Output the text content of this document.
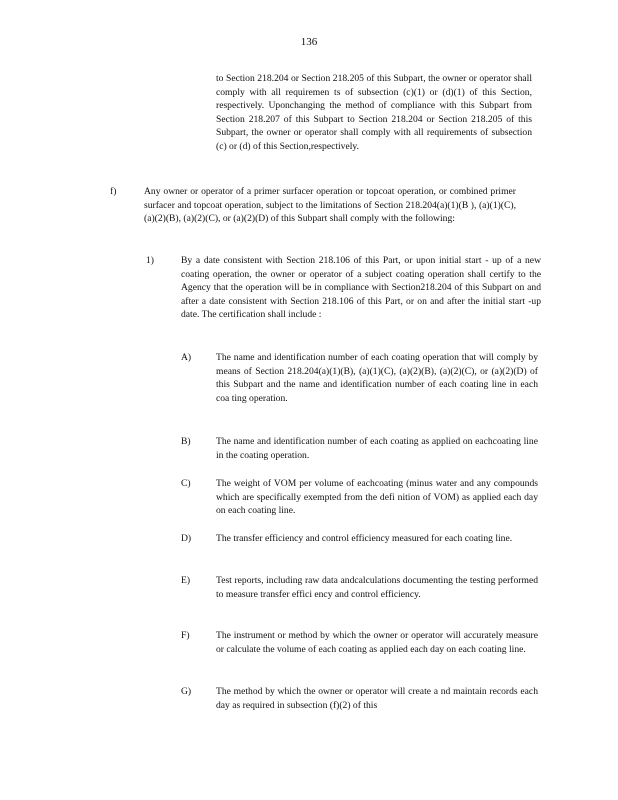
136
to Section 218.204 or Section 218.205 of this Subpart, the owner or operator shall comply with all requiremen ts of subsection (c)(1) or (d)(1) of this Section, respectively. Uponchanging the method of compliance with this Subpart from Section 218.207 of this Subpart to Section 218.204 or Section 218.205 of this Subpart, the owner or operator shall comply with all requirements of subsection (c) or (d) of this Section,respectively.
f)	Any owner or operator of a primer surfacer operation or topcoat operation, or combined primer surfacer and topcoat operation, subject to the limitations of Section 218.204(a)(1)(B ), (a)(1)(C), (a)(2)(B), (a)(2)(C), or (a)(2)(D) of this Subpart shall comply with the following:
1)	By a date consistent with Section 218.106 of this Part, or upon initial start - up of a new coating operation, the owner or operator of a subject coating operation shall certify to the Agency that the operation will be in compliance with Section218.204 of this Subpart on and after a date consistent with Section 218.106 of this Part, or on and after the initial start -up date. The certification shall include :
A)	The name and identification number of each coating operation that will comply by means of Section 218.204(a)(1)(B), (a)(1)(C), (a)(2)(B), (a)(2)(C), or (a)(2)(D) of this Subpart and the name and identification number of each coating line in each coa ting operation.
B)	The name and identification number of each coating as applied on eachcoating line in the coating operation.
C)	The weight of VOM per volume of eachcoating (minus water and any compounds which are specifically exempted from the defi nition of VOM) as applied each day on each coating line.
D)	The transfer efficiency and control efficiency measured for each coating line.
E)	Test reports, including raw data andcalculations documenting the testing performed to measure transfer effici ency and control efficiency.
F)	The instrument or method by which the owner or operator will accurately measure or calculate the volume of each coating as applied each day on each coating line.
G)	The method by which the owner or operator will create a nd maintain records each day as required in subsection (f)(2) of this
